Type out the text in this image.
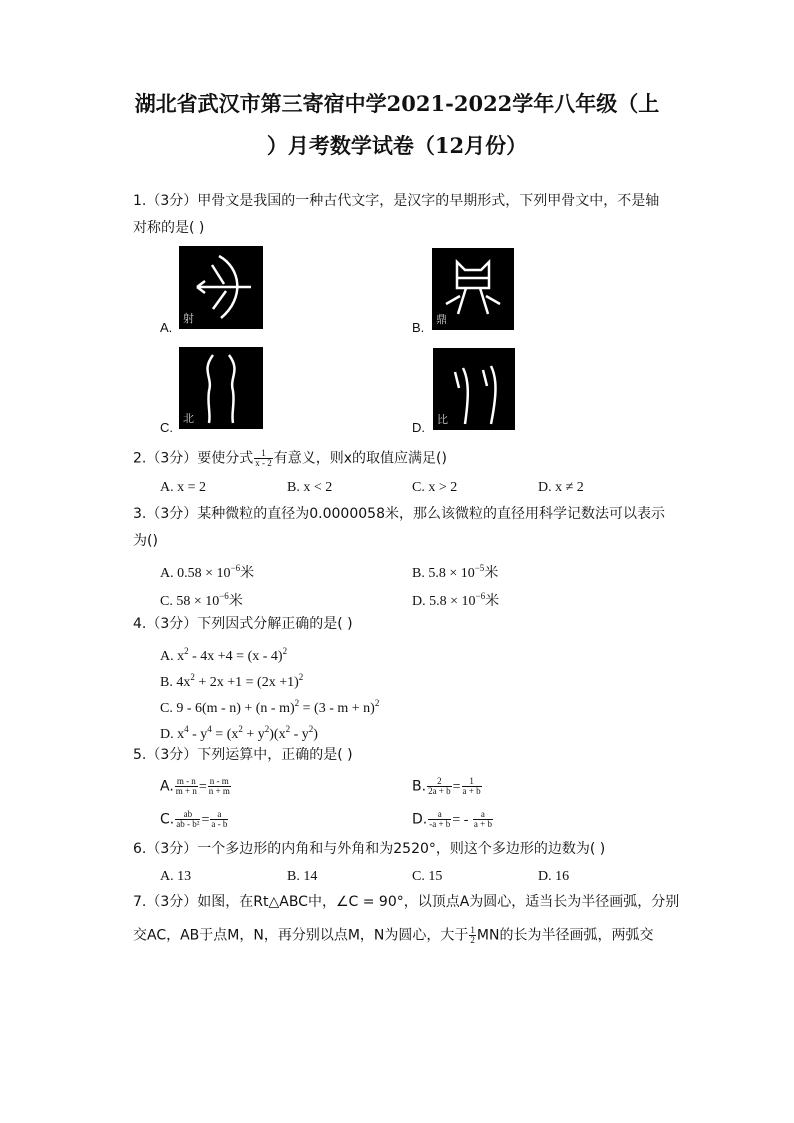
湖北省武汉市第三寄宿中学2021-2022学年八年级（上
）月考数学试卷（12月份）
1.（3分）甲骨文是我国的一种古代文字，是汉字的早期形式，下列甲骨文中，不是轴
对称的是( )
A.
射
B.
鼎
C.
北
D.
比
2.（3分）要使分式 $\frac{1}{x - 2}$ 有意义，则x的取值应满足()
A. x = 2	B. x < 2	C. x > 2	D. x ≠ 2
3.（3分）某种微粒的直径为0.0000058米，那么该微粒的直径用科学记数法可以表示
为()
A. $0.58 \times 10^{-6}$米	B. $5.8 \times 10^{-5}$米
C. $58 \times 10^{-6}$米	D. $5.8 \times 10^{-6}$米
4.（3分）下列因式分解正确的是( )
A. $x^2 - 4x +4 = (x - 4)^2$
B. $4x^2 + 2x +1 = (2x +1)^2$
C. $9 - 6(m - n) + (n - m)^2 = (3 - m + n)^2$
D. $x^4 - y^4 = (x^2 + y^2)(x^2 - y^2)$
5.（3分）下列运算中，正确的是( )
A. $\frac{m - n}{m + n} = \frac{n - m}{n + m}$	B. $\frac{2}{2a + b} = \frac{1}{a + b}$
C. $\frac{ab}{\text{ab - b²}} = \frac{a}{a - b}$	D. $\frac{a}{-a + b}$ = - $\frac{a}{a + b}$
6.（3分）一个多边形的内角和与外角和为2520°，则这个多边形的边数为( )
A. 13	B. 14	C. 15	D. 16
7.（3分）如图，在Rt△ABC中，∠C = 90°，以顶点A为圆心，适当长为半径画弧，分别
交AC，AB于点M，N，再分别以点M，N为圆心，大于 $\frac{1}{2}$ MN的长为半径画弧，两弧交
